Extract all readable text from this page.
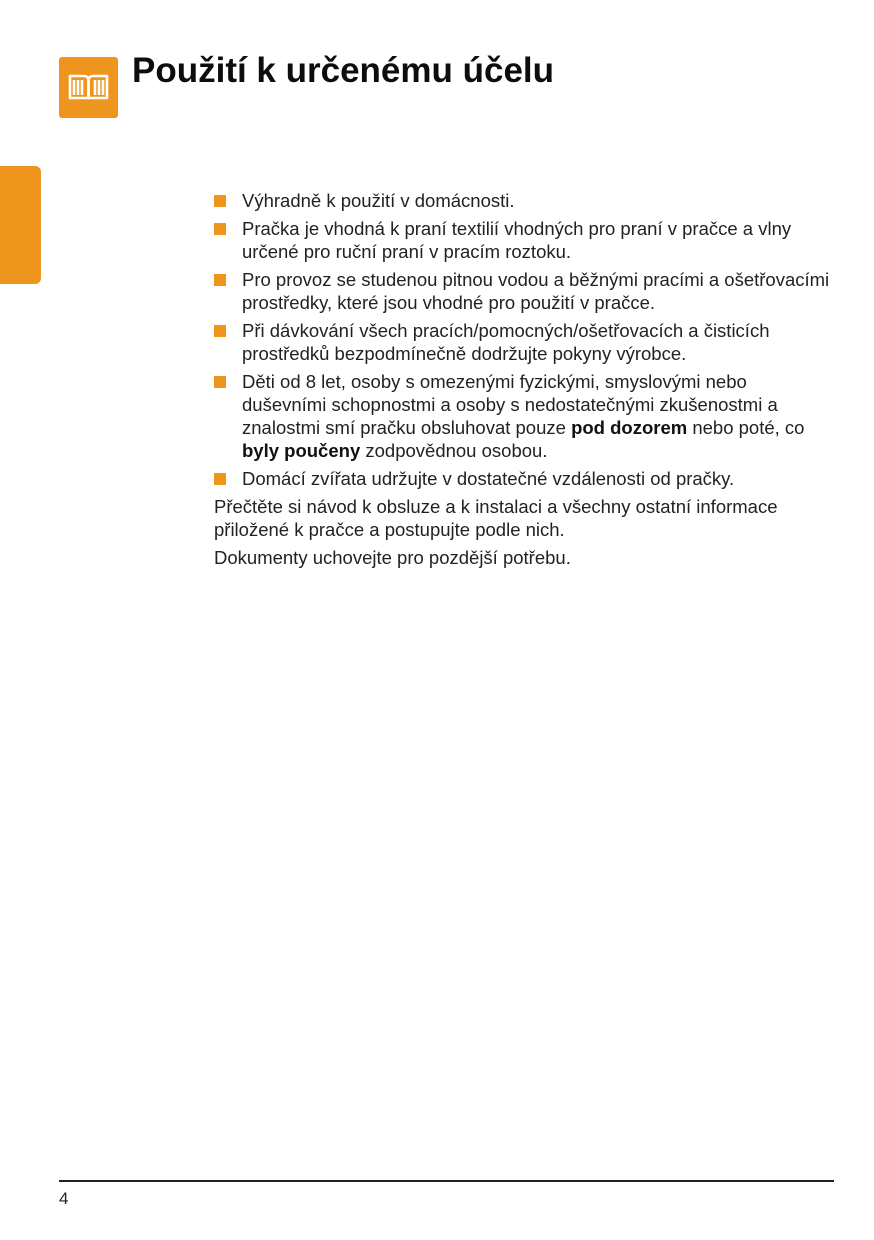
Použití k určenému účelu
Výhradně k použití v domácnosti.
Pračka je vhodná k praní textilií vhodných pro praní v pračce a vlny určené pro ruční praní v pracím roztoku.
Pro provoz se studenou pitnou vodou a běžnými pracími a ošetřovacími prostředky, které jsou vhodné pro použití v pračce.
Při dávkování všech pracích/pomocných/ošetřovacích a čisticích prostředků bezpodmínečně dodržujte pokyny výrobce.
Děti od 8 let, osoby s omezenými fyzickými, smyslovými nebo duševními schopnostmi a osoby s nedostatečnými zkušenostmi a znalostmi smí pračku obsluhovat pouze pod dozorem nebo poté, co byly poučeny zodpovědnou osobou.
Domácí zvířata udržujte v dostatečné vzdálenosti od pračky.

Přečtěte si návod k obsluze a k instalaci a všechny ostatní informace přiložené k pračce a postupujte podle nich.

Dokumenty uchovejte pro pozdější potřebu.

4
